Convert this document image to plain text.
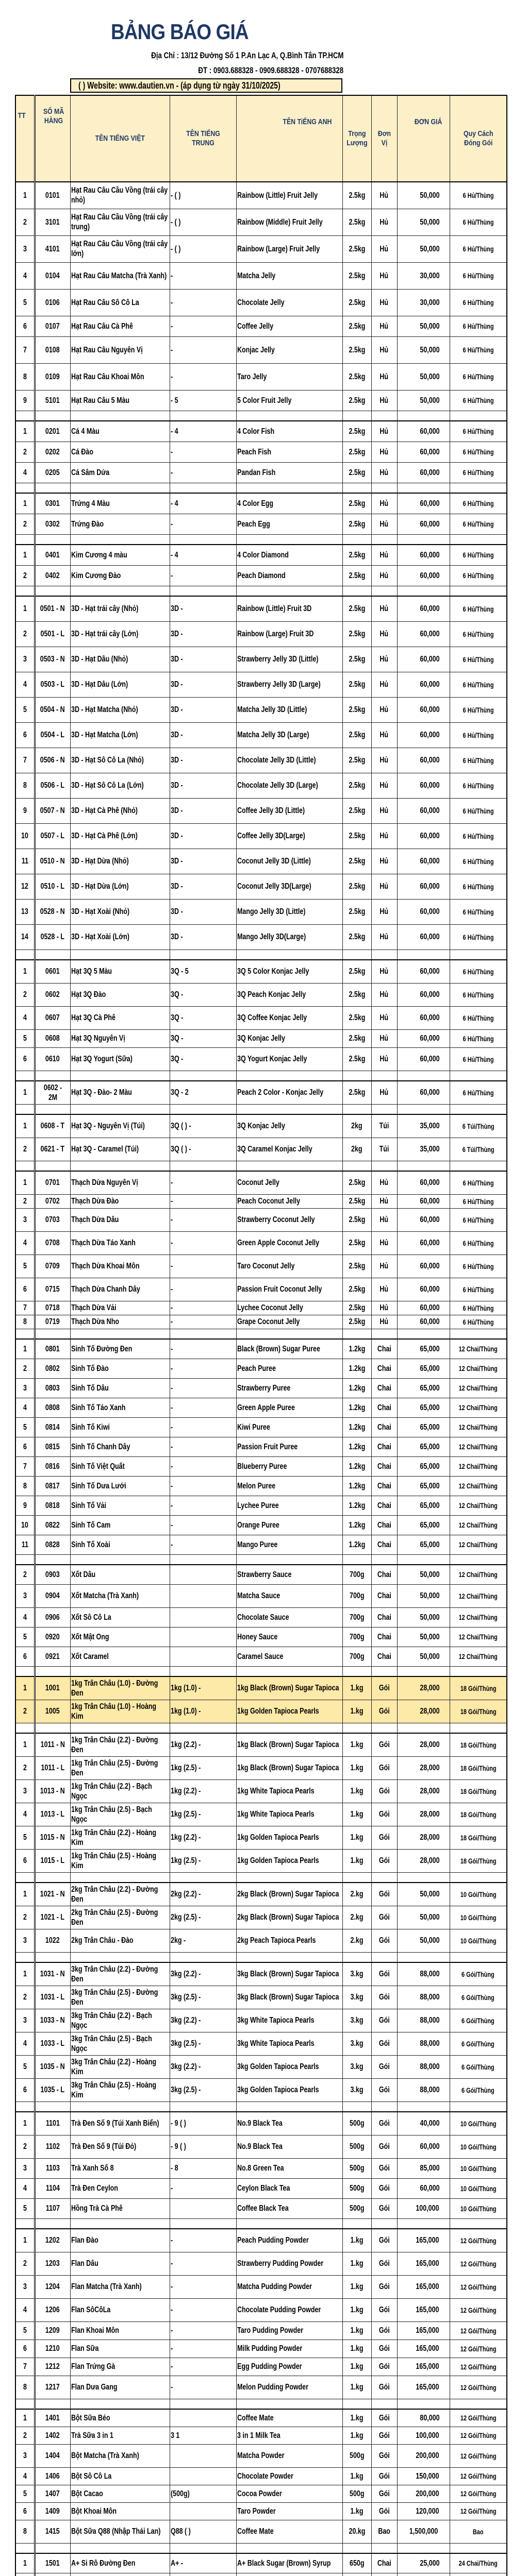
BẢNG BÁO GIÁ
Địa Chỉ : 13/12 Đường Số 1 P.An Lạc A, Q.Bình Tân TP.HCM
ĐT : 0903.688328 - 0909.688328 - 0707688328
( ) Website: www.dautien.vn - (áp dụng từ ngày 31/10/2025)
TT	SỐ MÃ HÀNG	TÊN TIẾNG VIỆT	TÊN TIẾNG TRUNG	TÊN TiẾNG ANH	Trọng Lượng	Đơn Vị	ĐƠN GIÁ	Quy Cách Đóng Gói
1	0101	Hạt Rau Câu Cầu Vồng (trái cây nhỏ)	- ( )	Rainbow (Little) Fruit Jelly	2.5kg	Hủ	50,000	6 Hủ/Thùng
2	3101	Hạt Rau Câu Cầu Vồng (trái cây trung)	- ( )	Rainbow (Middle) Fruit Jelly	2.5kg	Hủ	50,000	6 Hủ/Thùng
3	4101	Hạt Rau Câu Cầu Vồng (trái cây lớn)	- ( )	Rainbow (Large) Fruit Jelly	2.5kg	Hủ	50,000	6 Hủ/Thùng
4	0104	Hạt Rau Câu Matcha (Trà Xanh)	-	Matcha Jelly	2.5kg	Hủ	30,000	6 Hủ/Thùng
5	0106	Hạt Rau Câu Sô Cô La	-	Chocolate Jelly	2.5kg	Hủ	30,000	6 Hủ/Thùng
6	0107	Hạt Rau Câu Cà Phê	-	Coffee Jelly	2.5kg	Hủ	50,000	6 Hủ/Thùng
7	0108	Hạt Rau Câu Nguyên Vị	-	Konjac Jelly	2.5kg	Hủ	50,000	6 Hủ/Thùng
8	0109	Hạt Rau Câu Khoai Môn	-	Taro Jelly	2.5kg	Hủ	50,000	6 Hủ/Thùng
9	5101	Hạt Rau Câu 5 Màu	- 5	5 Color Fruit Jelly	2.5kg	Hủ	50,000	6 Hủ/Thùng

1	0201	Cá 4 Màu	- 4	4 Color Fish	2.5kg	Hủ	60,000	6 Hủ/Thùng
2	0202	Cá Đào	-	Peach Fish	2.5kg	Hủ	60,000	6 Hủ/Thùng
4	0205	Cá Sâm Dứa	-	Pandan Fish	2.5kg	Hủ	60,000	6 Hủ/Thùng

1	0301	Trứng 4 Màu	- 4	4 Color Egg	2.5kg	Hủ	60,000	6 Hủ/Thùng
2	0302	Trứng Đào	-	Peach Egg	2.5kg	Hủ	60,000	6 Hủ/Thùng

1	0401	Kim Cương 4 màu	- 4	4 Color Diamond	2.5kg	Hủ	60,000	6 Hủ/Thùng
2	0402	Kim Cương Đào	-	Peach Diamond	2.5kg	Hủ	60,000	6 Hủ/Thùng

1	0501 - N	3D - Hạt trái cây (Nhỏ)	3D -	Rainbow (Little) Fruit 3D	2.5kg	Hủ	60,000	6 Hủ/Thùng
2	0501 - L	3D - Hạt trái cây (Lớn)	3D -	Rainbow (Large) Fruit 3D	2.5kg	Hủ	60,000	6 Hủ/Thùng
3	0503 - N	3D - Hạt Dâu (Nhỏ)	3D -	Strawberry Jelly 3D (Little)	2.5kg	Hủ	60,000	6 Hủ/Thùng
4	0503 - L	3D - Hạt Dâu (Lớn)	3D -	Strawberry Jelly 3D (Large)	2.5kg	Hủ	60,000	6 Hủ/Thùng
5	0504 - N	3D - Hạt Matcha (Nhỏ)	3D -	Matcha Jelly 3D (Little)	2.5kg	Hủ	60,000	6 Hủ/Thùng
6	0504 - L	3D - Hạt Matcha (Lớn)	3D -	Matcha Jelly 3D (Large)	2.5kg	Hủ	60,000	6 Hủ/Thùng
7	0506 - N	3D - Hạt Sô Cô La (Nhỏ)	3D -	Chocolate Jelly 3D (Little)	2.5kg	Hủ	60,000	6 Hủ/Thùng
8	0506 - L	3D - Hạt Sô Cô La (Lớn)	3D -	Chocolate Jelly 3D (Large)	2.5kg	Hủ	60,000	6 Hủ/Thùng
9	0507 - N	3D - Hạt Cà Phê (Nhỏ)	3D -	Coffee Jelly 3D (Little)	2.5kg	Hủ	60,000	6 Hủ/Thùng
10	0507 - L	3D - Hạt Cà Phê (Lớn)	3D -	Coffee Jelly 3D(Large)	2.5kg	Hủ	60,000	6 Hủ/Thùng
11	0510 - N	3D - Hạt Dừa (Nhỏ)	3D -	Coconut Jelly 3D (Little)	2.5kg	Hủ	60,000	6 Hủ/Thùng
12	0510 - L	3D - Hạt Dừa (Lớn)	3D -	Coconut Jelly 3D(Large)	2.5kg	Hủ	60,000	6 Hủ/Thùng
13	0528 - N	3D - Hạt Xoài (Nhỏ)	3D -	Mango Jelly 3D (Little)	2.5kg	Hủ	60,000	6 Hủ/Thùng
14	0528 - L	3D - Hạt Xoài (Lớn)	3D -	Mango Jelly 3D(Large)	2.5kg	Hủ	60,000	6 Hủ/Thùng

1	0601	Hạt 3Q 5 Màu	3Q - 5	3Q 5 Color Konjac Jelly	2.5kg	Hủ	60,000	6 Hủ/Thùng
2	0602	Hạt 3Q Đào	3Q -	3Q Peach Konjac Jelly	2.5kg	Hủ	60,000	6 Hủ/Thùng
4	0607	Hạt 3Q Cà Phê	3Q -	3Q Coffee Konjac Jelly	2.5kg	Hủ	60,000	6 Hủ/Thùng
5	0608	Hạt 3Q Nguyên Vị	3Q -	3Q Konjac Jelly	2.5kg	Hủ	60,000	6 Hủ/Thùng
6	0610	Hạt 3Q Yogurt (Sữa)	3Q -	3Q Yogurt Konjac Jelly	2.5kg	Hủ	60,000	6 Hủ/Thùng

1	0602 - 2M	Hạt 3Q - Đào- 2 Màu	3Q - 2	Peach 2 Color - Konjac Jelly	2.5kg	Hủ	60,000	6 Hủ/Thùng

1	0608 - T	Hạt 3Q - Nguyên Vị (Túi)	3Q ( ) -	3Q Konjac Jelly	2kg	Túi	35,000	6 Túi/Thùng
2	0621 - T	Hạt 3Q - Caramel (Túi)	3Q ( ) -	3Q Caramel Konjac Jelly	2kg	Túi	35,000	6 Túi/Thùng

1	0701	Thạch Dừa Nguyên Vị	-	Coconut Jelly	2.5kg	Hủ	60,000	6 Hủ/Thùng
2	0702	Thạch Dừa Đào	-	Peach Coconut Jelly	2.5kg	Hủ	60,000	6 Hủ/Thùng
3	0703	Thạch Dừa Dâu	-	Strawberry Coconut Jelly	2.5kg	Hủ	60,000	6 Hủ/Thùng
4	0708	Thạch Dừa Táo Xanh	-	Green Apple Coconut Jelly	2.5kg	Hủ	60,000	6 Hủ/Thùng
5	0709	Thạch Dừa Khoai Môn	-	Taro Coconut Jelly	2.5kg	Hủ	60,000	6 Hủ/Thùng
6	0715	Thạch Dừa Chanh Dây	-	Passion Fruit Coconut Jelly	2.5kg	Hủ	60,000	6 Hủ/Thùng
7	0718	Thạch Dừa Vải	-	Lychee Coconut Jelly	2.5kg	Hủ	60,000	6 Hủ/Thùng
8	0719	Thạch Dừa Nho	-	Grape Coconut Jelly	2.5kg	Hủ	60,000	6 Hủ/Thùng

1	0801	Sinh Tố Đường Đen	-	Black (Brown) Sugar Puree	1.2kg	Chai	65,000	12 Chai/Thùng
2	0802	Sinh Tố Đào	-	Peach Puree	1.2kg	Chai	65,000	12 Chai/Thùng
3	0803	Sinh Tố Dâu	-	Strawberry Puree	1.2kg	Chai	65,000	12 Chai/Thùng
4	0808	Sinh Tố Táo Xanh	-	Green Apple Puree	1.2kg	Chai	65,000	12 Chai/Thùng
5	0814	Sinh Tố Kiwi	-	Kiwi Puree	1.2kg	Chai	65,000	12 Chai/Thùng
6	0815	Sinh Tố Chanh Dây	-	Passion Fruit Puree	1.2kg	Chai	65,000	12 Chai/Thùng
7	0816	Sinh Tố Việt Quất	-	Blueberry Puree	1.2kg	Chai	65,000	12 Chai/Thùng
8	0817	Sinh Tố Dưa Lưới	-	Melon Puree	1.2kg	Chai	65,000	12 Chai/Thùng
9	0818	Sinh Tố Vải	-	Lychee Puree	1.2kg	Chai	65,000	12 Chai/Thùng
10	0822	Sinh Tố Cam	-	Orange Puree	1.2kg	Chai	65,000	12 Chai/Thùng
11	0828	Sinh Tố Xoài	-	Mango Puree	1.2kg	Chai	65,000	12 Chai/Thùng

2	0903	Xốt Dâu		Strawberry Sauce	700g	Chai	50,000	12 Chai/Thùng
3	0904	Xốt Matcha (Trà Xanh)		Matcha Sauce	700g	Chai	50,000	12 Chai/Thùng
4	0906	Xốt Sô Cô La		Chocolate Sauce	700g	Chai	50,000	12 Chai/Thùng
5	0920	Xốt Mật Ong		Honey Sauce	700g	Chai	50,000	12 Chai/Thùng
6	0921	Xốt Caramel		Caramel Sauce	700g	Chai	50,000	12 Chai/Thùng

1	1001	1kg Trân Châu (1.0) - Đường Đen	1kg (1.0) -	1kg Black (Brown) Sugar Tapioca	1.kg	Gói	28,000	18 Gói/Thùng
2	1005	1kg Trân Châu (1.0) - Hoàng Kim	1kg (1.0) -	1kg Golden Tapioca Pearls	1.kg	Gói	28,000	18 Gói/Thùng

1	1011 - N	1kg Trân Châu (2.2) - Đường Đen	1kg (2.2) -	1kg Black (Brown) Sugar Tapioca	1.kg	Gói	28,000	18 Gói/Thùng
2	1011 - L	1kg Trân Châu (2.5) - Đường Đen	1kg (2.5) -	1kg Black (Brown) Sugar Tapioca	1.kg	Gói	28,000	18 Gói/Thùng
3	1013 - N	1kg Trân Châu (2.2) - Bạch Ngọc	1kg (2.2) -	1kg White Tapioca Pearls	1.kg	Gói	28,000	18 Gói/Thùng
4	1013 - L	1kg Trân Châu (2.5) - Bạch Ngọc	1kg (2.5) -	1kg White Tapioca Pearls	1.kg	Gói	28,000	18 Gói/Thùng
5	1015 - N	1kg Trân Châu (2.2) - Hoàng Kim	1kg (2.2) -	1kg Golden Tapioca Pearls	1.kg	Gói	28,000	18 Gói/Thùng
6	1015 - L	1kg Trân Châu (2.5) - Hoàng Kim	1kg (2.5) -	1kg Golden Tapioca Pearls	1.kg	Gói	28,000	18 Gói/Thùng

1	1021 - N	2kg Trân Châu (2.2) - Đường Đen	2kg (2.2) -	2kg Black (Brown) Sugar Tapioca	2.kg	Gói	50,000	10 Gói/Thùng
2	1021 - L	2kg Trân Châu (2.5) - Đường Đen	2kg (2.5) -	2kg Black (Brown) Sugar Tapioca	2.kg	Gói	50,000	10 Gói/Thùng
3	1022	2kg Trân Châu - Đào	2kg -	2kg Peach Tapioca Pearls	2.kg	Gói	50,000	10 Gói/Thùng

1	1031 - N	3kg Trân Châu (2.2) - Đường Đen	3kg (2.2) -	3kg Black (Brown) Sugar Tapioca	3.kg	Gói	88,000	6 Gói/Thùng
2	1031 - L	3kg Trân Châu (2.5) - Đường Đen	3kg (2.5) -	3kg Black (Brown) Sugar Tapioca	3.kg	Gói	88,000	6 Gói/Thùng
3	1033 - N	3kg Trân Châu (2.2) - Bạch Ngọc	3kg (2.2) -	3kg White Tapioca Pearls	3.kg	Gói	88,000	6 Gói/Thùng
4	1033 - L	3kg Trân Châu (2.5) - Bạch Ngọc	3kg (2.5) -	3kg White Tapioca Pearls	3.kg	Gói	88,000	6 Gói/Thùng
5	1035 - N	3kg Trân Châu (2.2) - Hoàng Kim	3kg (2.2) -	3kg Golden Tapioca Pearls	3.kg	Gói	88,000	6 Gói/Thùng
6	1035 - L	3kg Trân Châu (2.5) - Hoàng Kim	3kg (2.5) -	3kg Golden Tapioca Pearls	3.kg	Gói	88,000	6 Gói/Thùng

1	1101	Trà Đen Số 9 (Túi Xanh Biển)	- 9 ( )	No.9 Black Tea	500g	Gói	40,000	10 Gói/Thùng
2	1102	Trà Đen Số 9 (Túi Đỏ)	- 9 ( )	No.9 Black Tea	500g	Gói	60,000	10 Gói/Thùng
3	1103	Trà Xanh Số 8	- 8	No.8 Green Tea	500g	Gói	85,000	10 Gói/Thùng
4	1104	Trà Đen Ceylon	-	Ceylon Black Tea	500g	Gói	60,000	10 Gói/Thùng
5	1107	Hồng Trà Cà Phê		Coffee Black Tea	500g	Gói	100,000	10 Gói/Thùng

1	1202	Flan Đào	-	Peach Pudding Powder	1.kg	Gói	165,000	12 Gói/Thùng
2	1203	Flan Dâu	-	Strawberry Pudding Powder	1.kg	Gói	165,000	12 Gói/Thùng
3	1204	Flan Matcha (Trà Xanh)	-	Matcha Pudding Powder	1.kg	Gói	165,000	12 Gói/Thùng
4	1206	Flan SôCôLa	-	Chocolate Pudding Powder	1.kg	Gói	165,000	12 Gói/Thùng
5	1209	Flan Khoai Môn	-	Taro Pudding Powder	1.kg	Gói	165,000	12 Gói/Thùng
6	1210	Flan Sữa	-	Milk Pudding Powder	1.kg	Gói	165,000	12 Gói/Thùng
7	1212	Flan Trứng Gà	-	Egg Pudding Powder	1.kg	Gói	165,000	12 Gói/Thùng
8	1217	Flan Dưa Gang	-	Melon Pudding Powder	1.kg	Gói	165,000	12 Gói/Thùng

1	1401	Bột Sữa Béo		Coffee Mate	1.kg	Gói	80,000	12 Gói/Thùng
2	1402	Trà Sữa 3 in 1	3 1	3 in 1 Milk Tea	1.kg	Gói	100,000	12 Gói/Thùng
3	1404	Bột Matcha (Trà Xanh)		Matcha Powder	500g	Gói	200,000	12 Gói/Thùng
4	1406	Bột Sô Cô La		Chocolate Powder	1.kg	Gói	150,000	12 Gói/Thùng
5	1407	Bột Cacao	(500g)	Cocoa Powder	500g	Gói	200,000	12 Gói/Thùng
6	1409	Bột Khoai Môn		Taro Powder	1.kg	Gói	120,000	12 Gói/Thùng
8	1415	Bột Sữa Q88 (Nhập Thái Lan)	Q88 ( )	Coffee Mate	20.kg	Bao	1,500,000	Bao

1	1501	A+ Si Rô Đường Đen	A+ -	A+ Black Sugar (Brown) Syrup	650g	Chai	25,000	24 Chai/Thùng
